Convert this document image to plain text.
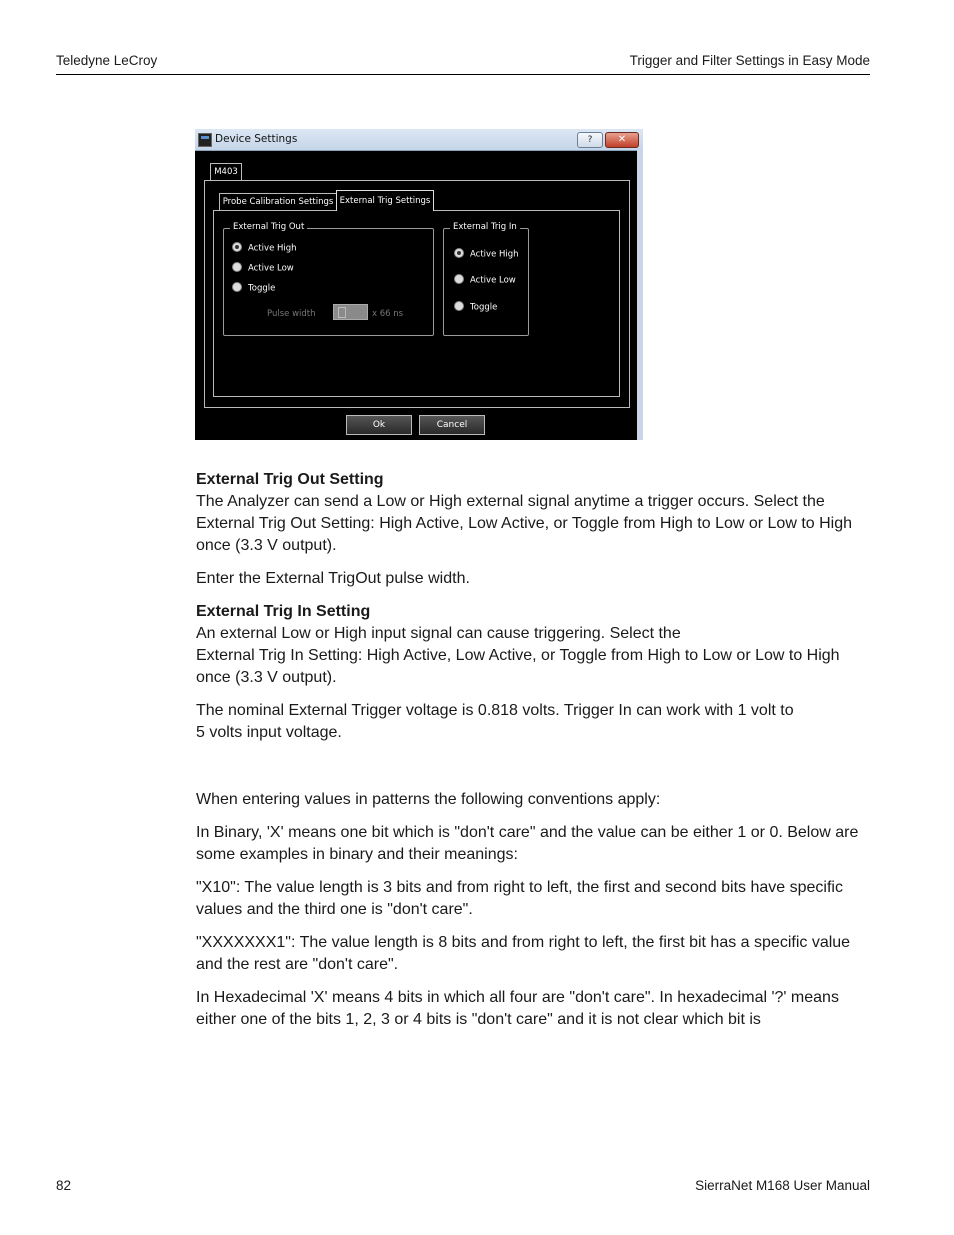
Teledyne LeCroy	Trigger and Filter Settings in Easy Mode
Device Settings	?	✕
M403
Probe Calibration Settings External Trig Settings
External Trig Out
Active High
Active Low
Toggle
Pulse width	x 66 ns
External Trig In
Active High
Active Low
Toggle
Ok	Cancel

External Trig Out Setting
The Analyzer can send a Low or High external signal anytime a trigger occurs. Select the External Trig Out Setting: High Active, Low Active, or Toggle from High to Low or Low to High once (3.3 V output).

Enter the External TrigOut pulse width.

External Trig In Setting
An external Low or High input signal can cause triggering. Select the
External Trig In Setting: High Active, Low Active, or Toggle from High to Low or Low to High once (3.3 V output).

The nominal External Trigger voltage is 0.818 volts. Trigger In can work with 1 volt to
5 volts input voltage.

When entering values in patterns the following conventions apply:

In Binary, 'X' means one bit which is "don't care" and the value can be either 1 or 0. Below are some examples in binary and their meanings:

"X10": The value length is 3 bits and from right to left, the first and second bits have specific values and the third one is "don't care".

"XXXXXXX1": The value length is 8 bits and from right to left, the first bit has a specific value and the rest are "don't care".

In Hexadecimal 'X' means 4 bits in which all four are "don't care". In hexadecimal '?' means either one of the bits 1, 2, 3 or 4 bits is "don't care" and it is not clear which bit is

82	SierraNet M168 User Manual
